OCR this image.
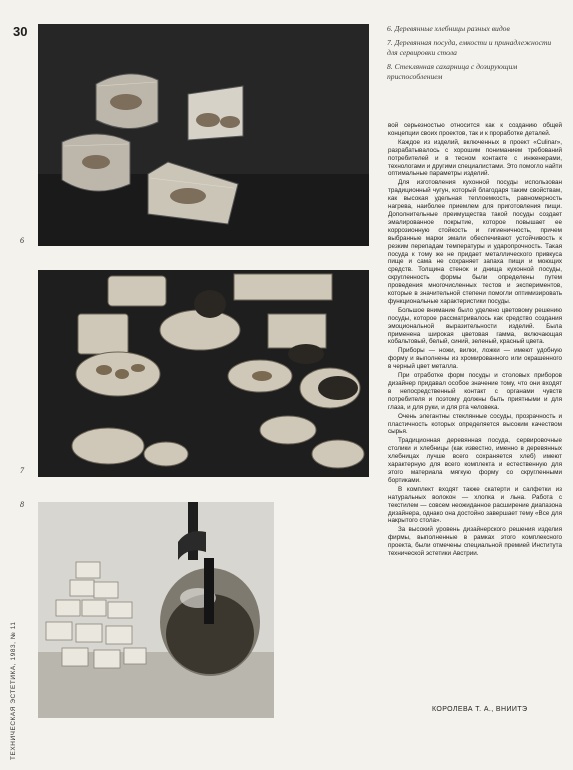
30	6. Деревянные хлебницы разных видов

7. Деревянная посуда, емкости и принадлежности для сервировки стола

8. Стеклянная сахарница с дозирующим приспособлением

6
7
8
ТЕХНИЧЕСКАЯ ЭСТЕТИКА, 1983, № 11

вой серьезностью относится как к созданию общей концепции своих проектов, так и к проработке деталей.

Каждое из изделий, включенных в проект «Culinar», разрабатывалось с хорошим пониманием требований потребителей и в тесном контакте с инженерами, технологами и другими специалистами. Это помогло найти оптимальные параметры изделий.

Для изготовления кухонной посуды использован традиционный чугун, который благодаря таким свойствам, как высокая удельная теплоемкость, равномерность нагрева, наиболее приемлем для приготовления пищи. Дополнительные преимущества такой посуды создает эмалированное покрытие, которое повышает ее коррозионную стойкость и гигиеничность, причем выбранные марки эмали обеспечивают устойчивость к резким перепадам температуры и ударопрочность. Такая посуда к тому же не придает металлического привкуса пище и сама не сохраняет запаха пищи и моющих средств. Толщина стенок и днища кухонной посуды, скругленность формы были определены путем проведения многочисленных тестов и экспериментов, которые в значительной степени помогли оптимизировать функциональные характеристики посуды.

Большое внимание было уделено цветовому решению посуды, которое рассматривалось как средство создания эмоциональной выразительности изделий. Была применена широкая цветовая гамма, включающая кобальтовый, белый, синий, зеленый, красный цвета.

Приборы — ножи, вилки, ложки — имеют удобную форму и выполнены из хромированного или окрашенного в черный цвет металла.

При отработке форм посуды и столовых приборов дизайнер придавал особое значение тому, что они входят в непосредственный контакт с органами чувств потребителя и поэтому должны быть приятными и для глаза, и для руки, и для рта человека.

Очень элегантны стеклянные сосуды, прозрачность и пластичность которых определяется высоким качеством сырья.

Традиционная деревянная посуда, сервировочные столики и хлебницы (как известно, именно в деревянных хлебницах лучше всего сохраняется хлеб) имеют характерную для всего комплекта и естественную для этого материала мягкую форму со скругленными бортиками.

В комплект входят также скатерти и салфетки из натуральных волокон — хлопка и льна. Работа с текстилем — совсем неожиданное расширение диапазона дизайнера, однако она достойно завершает тему «Все для накрытого стола».

За высокий уровень дизайнерского решения изделия фирмы, выполненные в рамках этого комплексного проекта, были отмечены специальной премией Института технической эстетики Австрии.

КОРОЛЕВА Т. А., ВНИИТЭ
